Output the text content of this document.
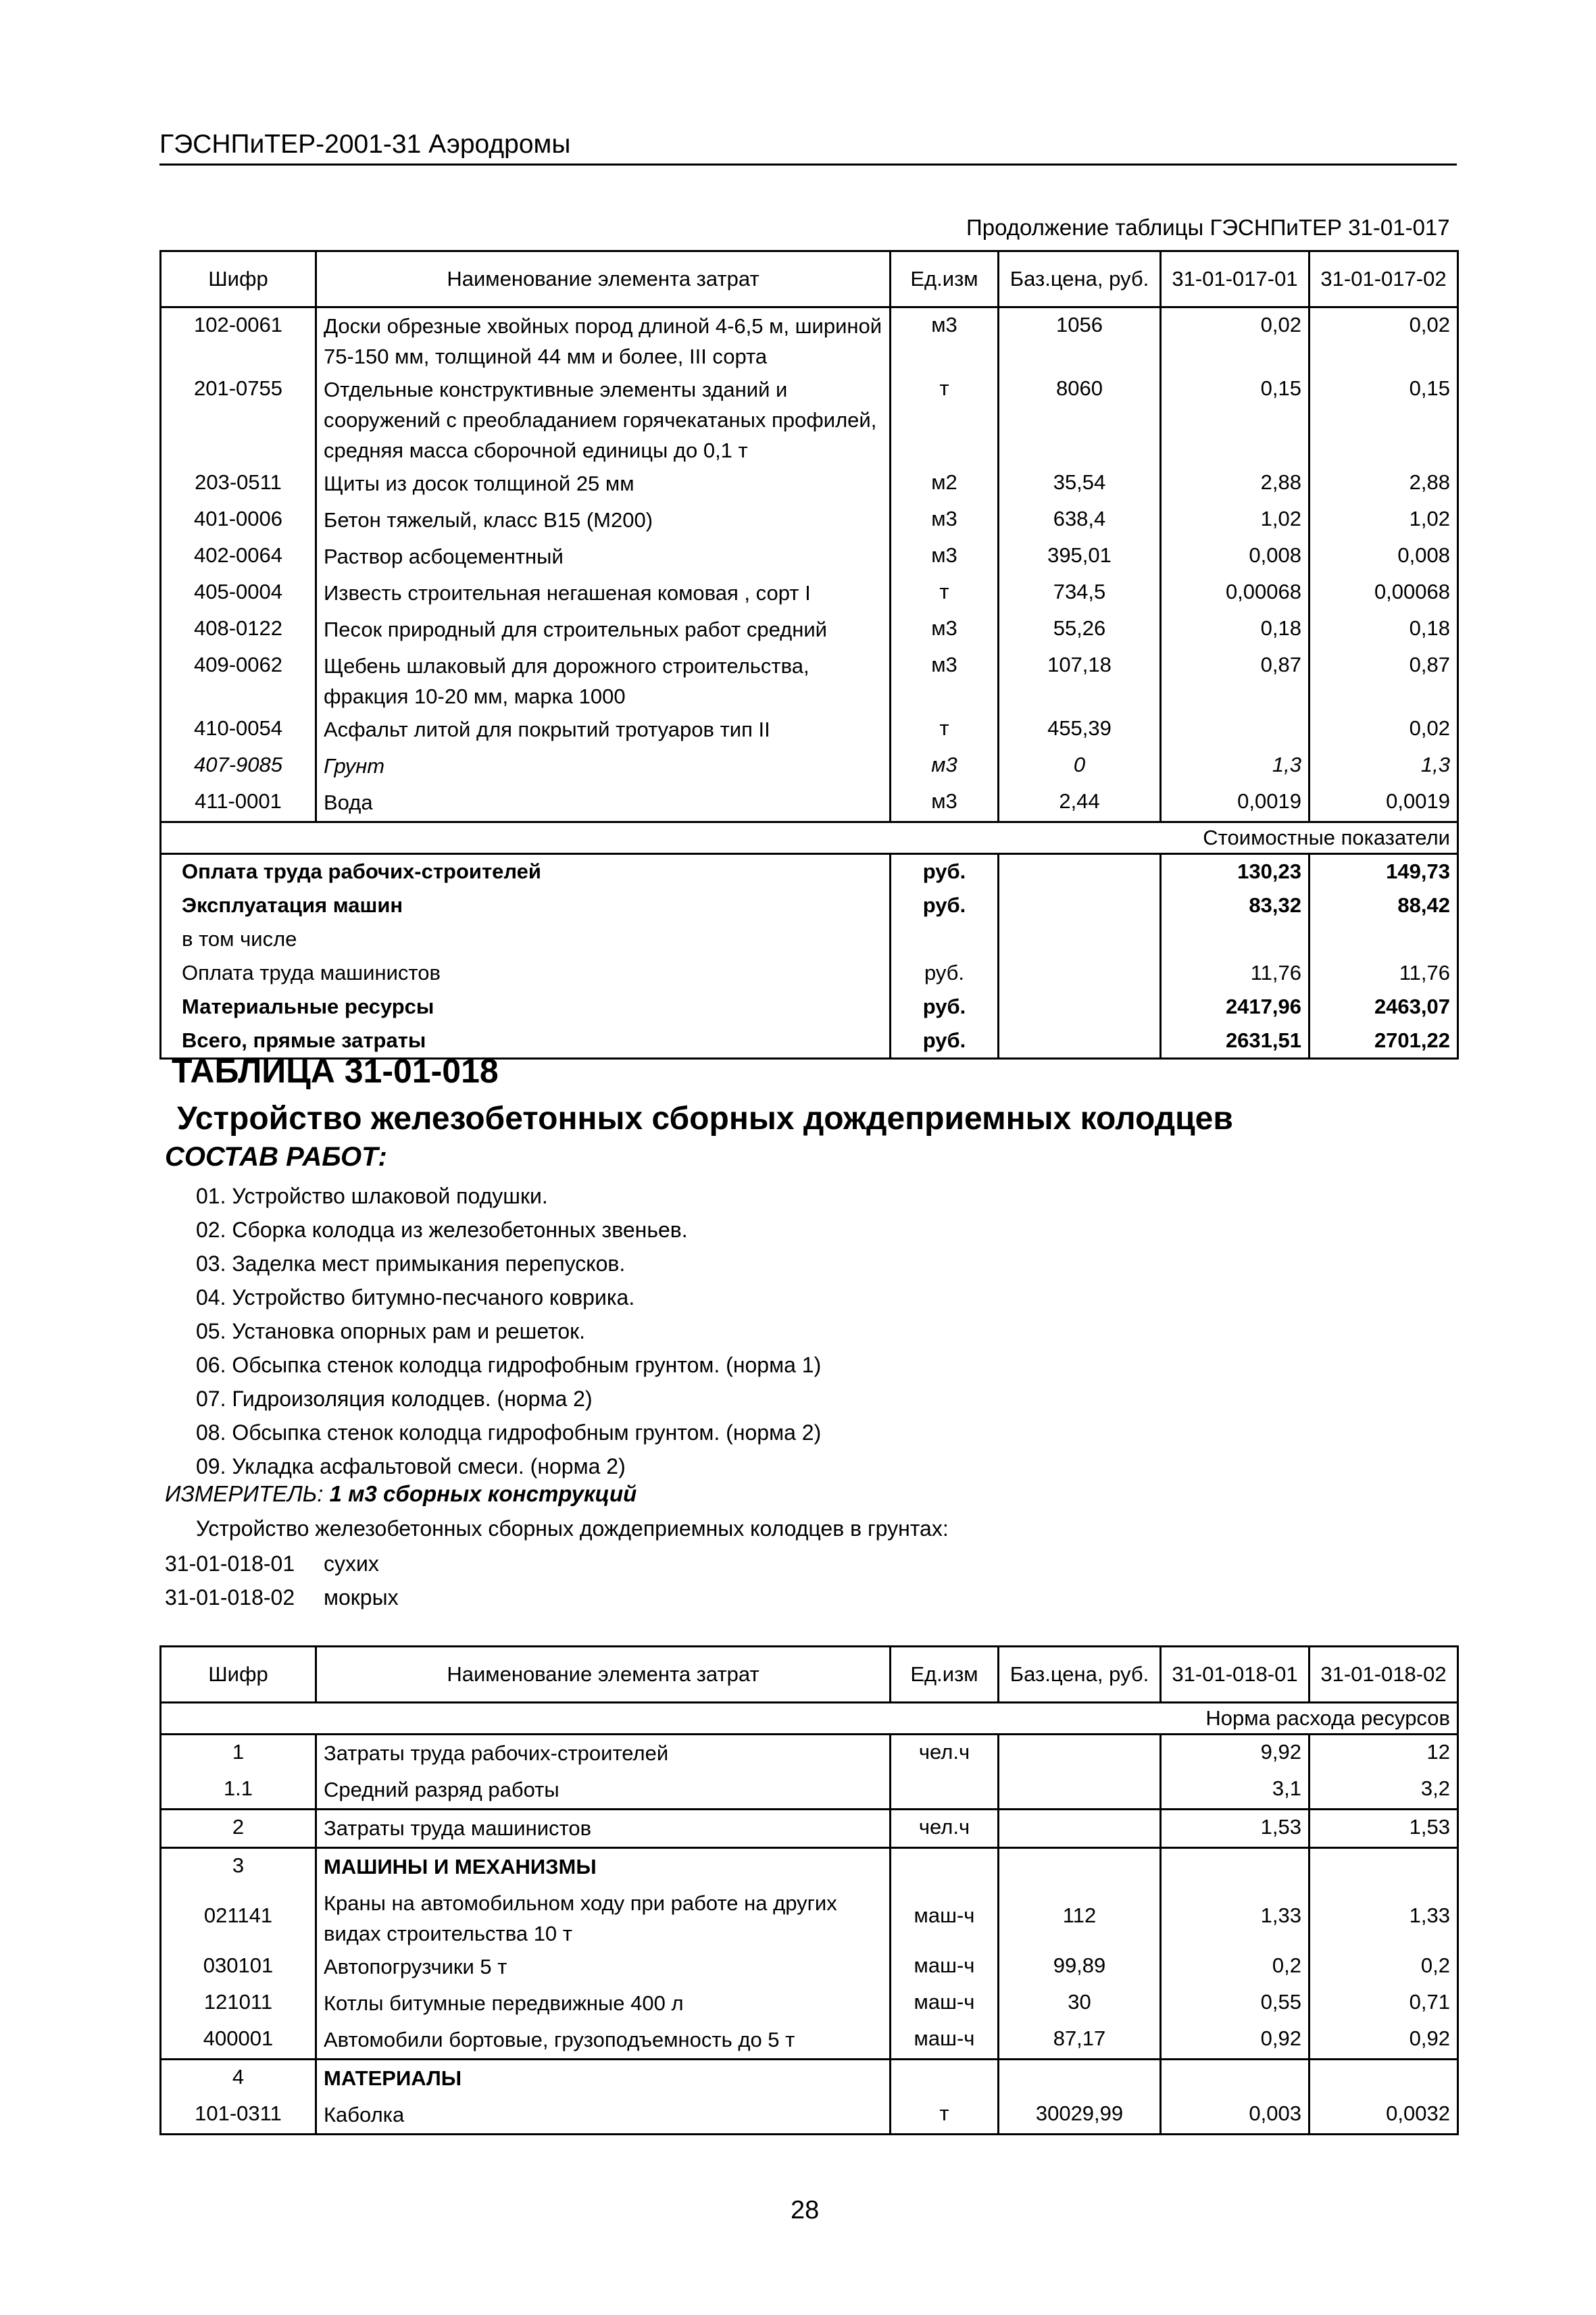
ГЭСНПиТЕР-2001-31 Аэродромы
Продолжение таблицы ГЭСНПиТЕР 31-01-017
Шифр	Наименование элемента затрат	Ед.изм	Баз.цена, руб.	31-01-017-01	31-01-017-02
102-0061	Доски обрезные хвойных пород длиной 4-6,5 м, шириной 75-150 мм, толщиной 44 мм и более, III сорта	м3	1056	0,02	0,02
201-0755	Отдельные конструктивные элементы зданий и сооружений с преобладанием горячекатаных профилей, средняя масса сборочной единицы до 0,1 т	т	8060	0,15	0,15
203-0511	Щиты из досок толщиной 25 мм	м2	35,54	2,88	2,88
401-0006	Бетон тяжелый, класс В15 (М200)	м3	638,4	1,02	1,02
402-0064	Раствор асбоцементный	м3	395,01	0,008	0,008
405-0004	Известь строительная негашеная комовая , сорт I	т	734,5	0,00068	0,00068
408-0122	Песок природный для строительных работ средний	м3	55,26	0,18	0,18
409-0062	Щебень шлаковый для дорожного строительства, фракция 10-20 мм, марка 1000	м3	107,18	0,87	0,87
410-0054	Асфальт литой для покрытий тротуаров тип II	т	455,39		0,02
407-9085	Грунт	м3	0	1,3	1,3
411-0001	Вода	м3	2,44	0,0019	0,0019
Стоимостные показатели					
Оплата труда рабочих-строителей		руб.		130,23	149,73
Эксплуатация машин		руб.		83,32	88,42
в том числе					
Оплата труда машинистов		руб.		11,76	11,76
Материальные ресурсы		руб.		2417,96	2463,07
Всего, прямые затраты		руб.		2631,51	2701,22
ТАБЛИЦА 31-01-018
Устройство железобетонных сборных дождеприемных колодцев
СОСТАВ РАБОТ:
01. Устройство шлаковой подушки.
02. Сборка колодца из железобетонных звеньев.
03. Заделка мест примыкания перепусков.
04. Устройство битумно-песчаного коврика.
05. Установка опорных рам и решеток.
06. Обсыпка стенок колодца гидрофобным грунтом. (норма 1)
07. Гидроизоляция колодцев. (норма 2)
08. Обсыпка стенок колодца гидрофобным грунтом. (норма 2)
09. Укладка асфальтовой смеси. (норма 2)
ИЗМЕРИТЕЛЬ: 1 м3 сборных конструкций
Устройство железобетонных сборных дождеприемных колодцев в грунтах:
31-01-018-01 сухих
31-01-018-02 мокрых
Шифр	Наименование элемента затрат	Ед.изм	Баз.цена, руб.	31-01-018-01	31-01-018-02
Норма расхода ресурсов					
1	Затраты труда рабочих-строителей	чел.ч		9,92	12
1.1	Средний разряд работы			3,1	3,2
2	Затраты труда машинистов	чел.ч		1,53	1,53
3	МАШИНЫ И МЕХАНИЗМЫ				
021141	Краны на автомобильном ходу при работе на других видах строительства 10 т	маш-ч	112	1,33	1,33
030101	Автопогрузчики 5 т	маш-ч	99,89	0,2	0,2
121011	Котлы битумные передвижные 400 л	маш-ч	30	0,55	0,71
400001	Автомобили бортовые, грузоподъемность до 5 т	маш-ч	87,17	0,92	0,92
4	МАТЕРИАЛЫ				
101-0311	Каболка	т	30029,99	0,003	0,0032
28
